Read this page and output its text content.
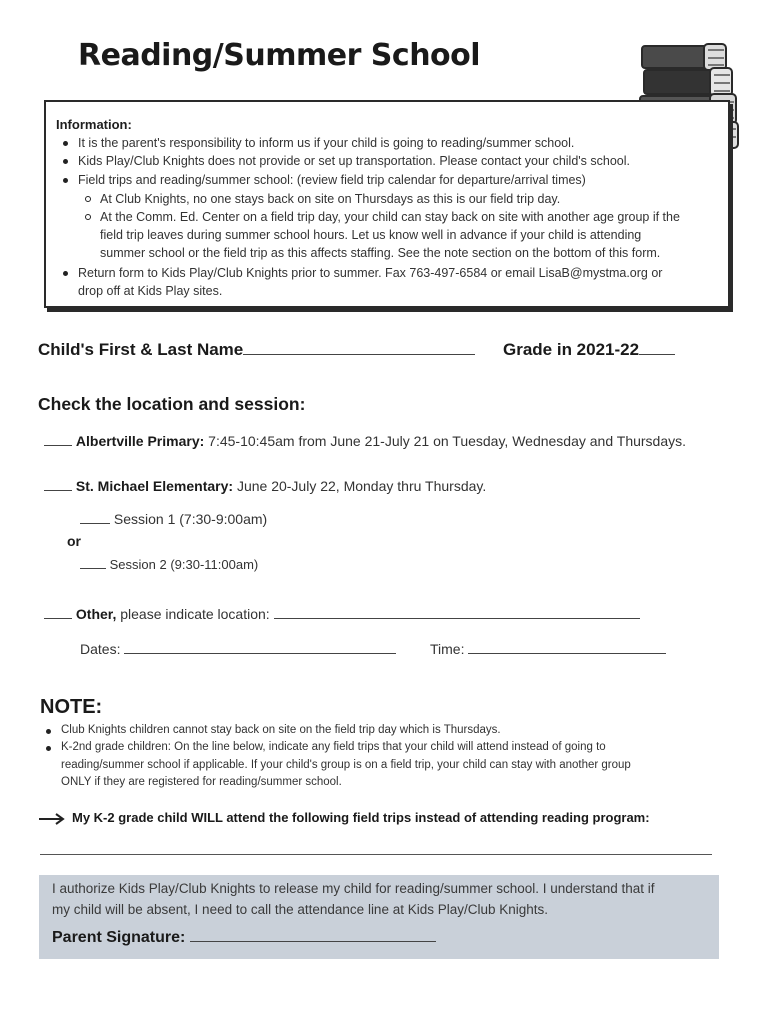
Reading/Summer School
Information:
It is the parent's responsibility to inform us if your child is going to reading/summer school.
Kids Play/Club Knights does not provide or set up transportation. Please contact your child's school.
Field trips and reading/summer school: (review field trip calendar for departure/arrival times)
At Club Knights, no one stays back on site on Thursdays as this is our field trip day.
At the Comm. Ed. Center on a field trip day, your child can stay back on site with another age group if the
field trip leaves during summer school hours. Let us know well in advance if your child is attending
summer school or the field trip as this affects staffing. See the note section on the bottom of this form.
Return form to Kids Play/Club Knights prior to summer. Fax 763-497-6584 or email LisaB@mystma.org or
drop off at Kids Play sites.
Child's First & Last Name	Grade in 2021-22
Check the location and session:
Albertville Primary: 7:45-10:45am from June 21-July 21 on Tuesday, Wednesday and Thursdays.
St. Michael Elementary: June 20-July 22, Monday thru Thursday.
Session 1 (7:30-9:00am)
or
Session 2 (9:30-11:00am)
Other, please indicate location:
Dates:	Time:
NOTE:
Club Knights children cannot stay back on site on the field trip day which is Thursdays.
K-2nd grade children: On the line below, indicate any field trips that your child will attend instead of going to
reading/summer school if applicable. If your child's group is on a field trip, your child can stay with another group
ONLY if they are registered for reading/summer school.
My K-2 grade child WILL attend the following field trips instead of attending reading program:
I authorize Kids Play/Club Knights to release my child for reading/summer school. I understand that if
my child will be absent, I need to call the attendance line at Kids Play/Club Knights.
Parent Signature:
